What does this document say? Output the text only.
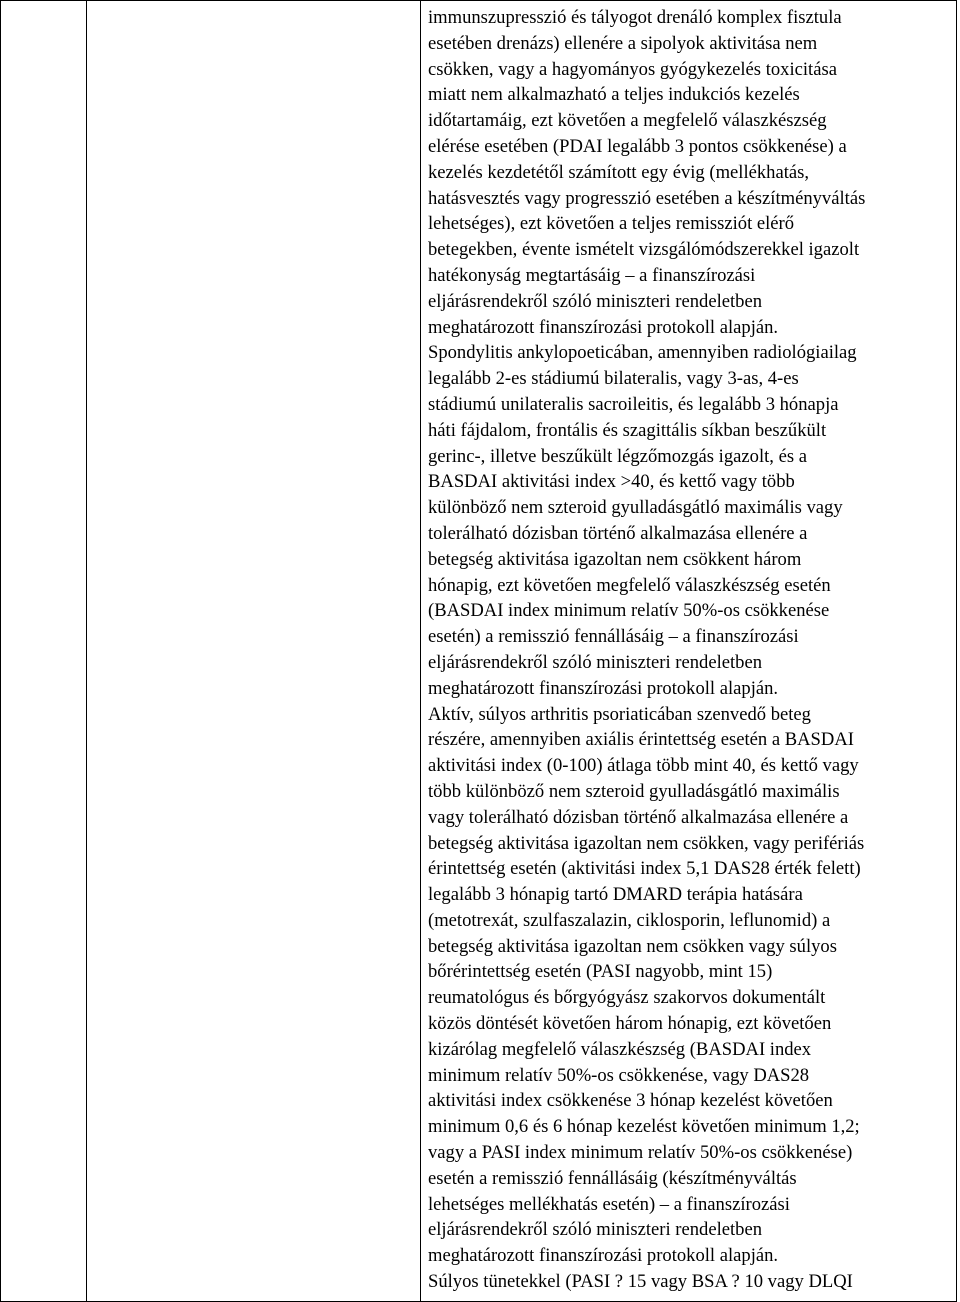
immunszupresszió és tályogot drenáló komplex fisztula
esetében drenázs) ellenére a sipolyok aktivitása nem
csökken, vagy a hagyományos gyógykezelés toxicitása
miatt nem alkalmazható a teljes indukciós kezelés
időtartamáig, ezt követően a megfelelő válaszkészség
elérése esetében (PDAI legalább 3 pontos csökkenése) a
kezelés kezdetétől számított egy évig (mellékhatás,
hatásvesztés vagy progresszió esetében a készítményváltás
lehetséges), ezt követően a teljes remissziót elérő
betegekben, évente ismételt vizsgálómódszerekkel igazolt
hatékonyság megtartásáig – a finanszírozási
eljárásrendekről szóló miniszteri rendeletben
meghatározott finanszírozási protokoll alapján.
Spondylitis ankylopoeticában, amennyiben radiológiailag
legalább 2-es stádiumú bilateralis, vagy 3-as, 4-es
stádiumú unilateralis sacroileitis, és legalább 3 hónapja
háti fájdalom, frontális és szagittális síkban beszűkült
gerinc-, illetve beszűkült légzőmozgás igazolt, és a
BASDAI aktivitási index >40, és kettő vagy több
különböző nem szteroid gyulladásgátló maximális vagy
tolerálható dózisban történő alkalmazása ellenére a
betegség aktivitása igazoltan nem csökkent három
hónapig, ezt követően megfelelő válaszkészség esetén
(BASDAI index minimum relatív 50%-os csökkenése
esetén) a remisszió fennállásáig – a finanszírozási
eljárásrendekről szóló miniszteri rendeletben
meghatározott finanszírozási protokoll alapján.
Aktív, súlyos arthritis psoriaticában szenvedő beteg
részére, amennyiben axiális érintettség esetén a BASDAI
aktivitási index (0-100) átlaga több mint 40, és kettő vagy
több különböző nem szteroid gyulladásgátló maximális
vagy tolerálható dózisban történő alkalmazása ellenére a
betegség aktivitása igazoltan nem csökken, vagy perifériás
érintettség esetén (aktivitási index 5,1 DAS28 érték felett)
legalább 3 hónapig tartó DMARD terápia hatására
(metotrexát, szulfaszalazin, ciklosporin, leflunomid) a
betegség aktivitása igazoltan nem csökken vagy súlyos
bőrérintettség esetén (PASI nagyobb, mint 15)
reumatológus és bőrgyógyász szakorvos dokumentált
közös döntését követően három hónapig, ezt követően
kizárólag megfelelő válaszkészség (BASDAI index
minimum relatív 50%-os csökkenése, vagy DAS28
aktivitási index csökkenése 3 hónap kezelést követően
minimum 0,6 és 6 hónap kezelést követően minimum 1,2;
vagy a PASI index minimum relatív 50%-os csökkenése)
esetén a remisszió fennállásáig (készítményváltás
lehetséges mellékhatás esetén) – a finanszírozási
eljárásrendekről szóló miniszteri rendeletben
meghatározott finanszírozási protokoll alapján.
Súlyos tünetekkel (PASI ? 15 vagy BSA ? 10 vagy DLQI
